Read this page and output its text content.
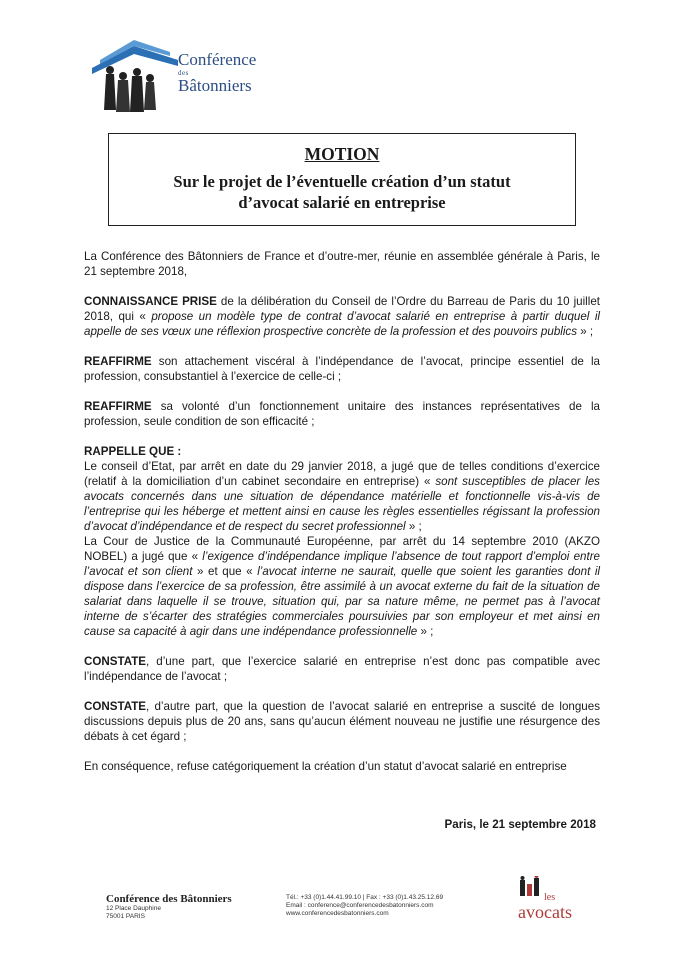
Conférence
des
Bâtonniers
MOTION
Sur le projet de l’éventuelle création d’un statut
d’avocat salarié en entreprise

La Conférence des Bâtonniers de France et d’outre-mer, réunie en assemblée générale à Paris, le 21 septembre 2018,

CONNAISSANCE PRISE de la délibération du Conseil de l’Ordre du Barreau de Paris du 10 juillet 2018, qui « propose un modèle type de contrat d’avocat salarié en entreprise à partir duquel il appelle de ses vœux une réflexion prospective concrète de la profession et des pouvoirs publics » ;

REAFFIRME son attachement viscéral à l’indépendance de l’avocat, principe essentiel de la profession, consubstantiel à l’exercice de celle-ci ;

REAFFIRME sa volonté d’un fonctionnement unitaire des instances représentatives de la profession, seule condition de son efficacité ;

RAPPELLE QUE :

Le conseil d’Etat, par arrêt en date du 29 janvier 2018, a jugé que de telles conditions d’exercice (relatif à la domiciliation d’un cabinet secondaire en entreprise) « sont susceptibles de placer les avocats concernés dans une situation de dépendance matérielle et fonctionnelle vis-à-vis de l’entreprise qui les héberge et mettent ainsi en cause les règles essentielles régissant la profession d’avocat d’indépendance et de respect du secret professionnel » ;

La Cour de Justice de la Communauté Européenne, par arrêt du 14 septembre 2010 (AKZO NOBEL) a jugé que « l’exigence d’indépendance implique l’absence de tout rapport d’emploi entre l’avocat et son client » et que « l’avocat interne ne saurait, quelle que soient les garanties dont il dispose dans l’exercice de sa profession, être assimilé à un avocat externe du fait de la situation de salariat dans laquelle il se trouve, situation qui, par sa nature même, ne permet pas à l’avocat interne de s’écarter des stratégies commerciales poursuivies par son employeur et met ainsi en cause sa capacité à agir dans une indépendance professionnelle » ;

CONSTATE, d’une part, que l’exercice salarié en entreprise n’est donc pas compatible avec l’indépendance de l’avocat ;

CONSTATE, d’autre part, que la question de l’avocat salarié en entreprise a suscité de longues discussions depuis plus de 20 ans, sans qu’aucun élément nouveau ne justifie une résurgence des débats à cet égard ;

En conséquence, refuse catégoriquement la création d’un statut d’avocat salarié en entreprise

Paris, le 21 septembre 2018
Conférence des Bâtonniers
12 Place Dauphine
75001 PARIS
Tél.: +33 (0)1.44.41.99.10 | Fax : +33 (0)1.43.25.12.69
Email : conference@conferencedesbatonniers.com
www.conferencedesbatonniers.com
les
avocats
